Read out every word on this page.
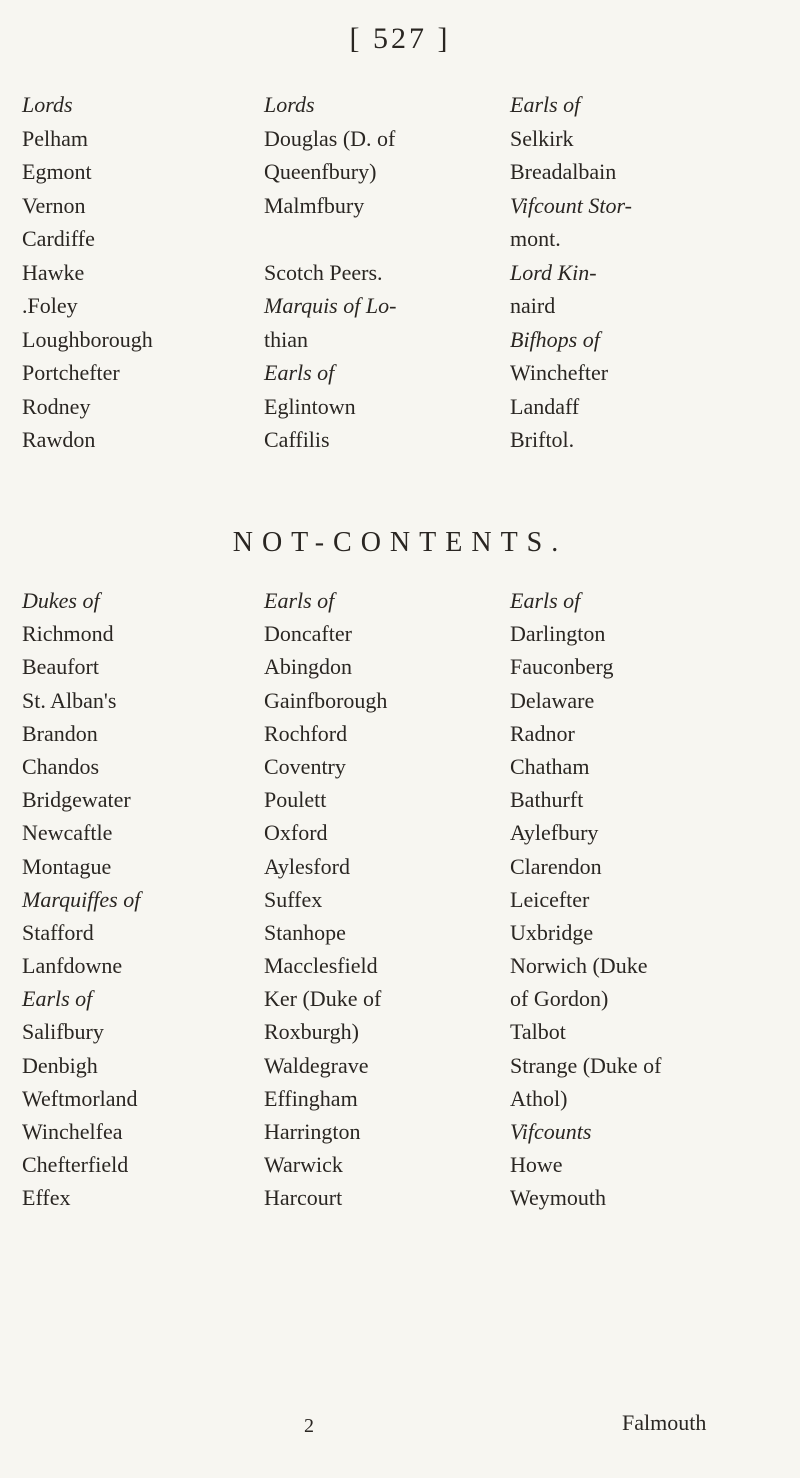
[ 527 ]
Lords
Pelham
Egmont
Vernon
Cardiffe
Hawke
.Foley
Loughborough
Portchefter
Rodney
Rawdon
Lords
Douglas (D. of
Queenfbury)
Malmfbury
Scotch Peers.
Marquis of Lo-
thian
Earls of
Eglintown
Caffilis
Earls of
Selkirk
Breadalbain
Vifcount Stor-
mont.
Lord Kin-
naird
Bifhops of
Winchefter
Landaff
Briftol.
NOT-CONTENTS.
Dukes of
Richmond
Beaufort
St. Alban's
Brandon
Chandos
Bridgewater
Newcaftle
Montague
Marquiffes of
Stafford
Lanfdowne
Earls of
Salifbury
Denbigh
Weftmorland
Winchelfea
Chefterfield
Effex
Earls of
Doncafter
Abingdon
Gainfborough
Rochford
Coventry
Poulett
Oxford
Aylesford
Suffex
Stanhope
Macclesfield
Ker (Duke of
Roxburgh)
Waldegrave
Effingham
Harrington
Warwick
Harcourt
Earls of
Darlington
Fauconberg
Delaware
Radnor
Chatham
Bathurft
Aylefbury
Clarendon
Leicefter
Uxbridge
Norwich (Duke
of Gordon)
Talbot
Strange (Duke of
Athol)
Vifcounts
Howe
Weymouth
2	Falmouth
